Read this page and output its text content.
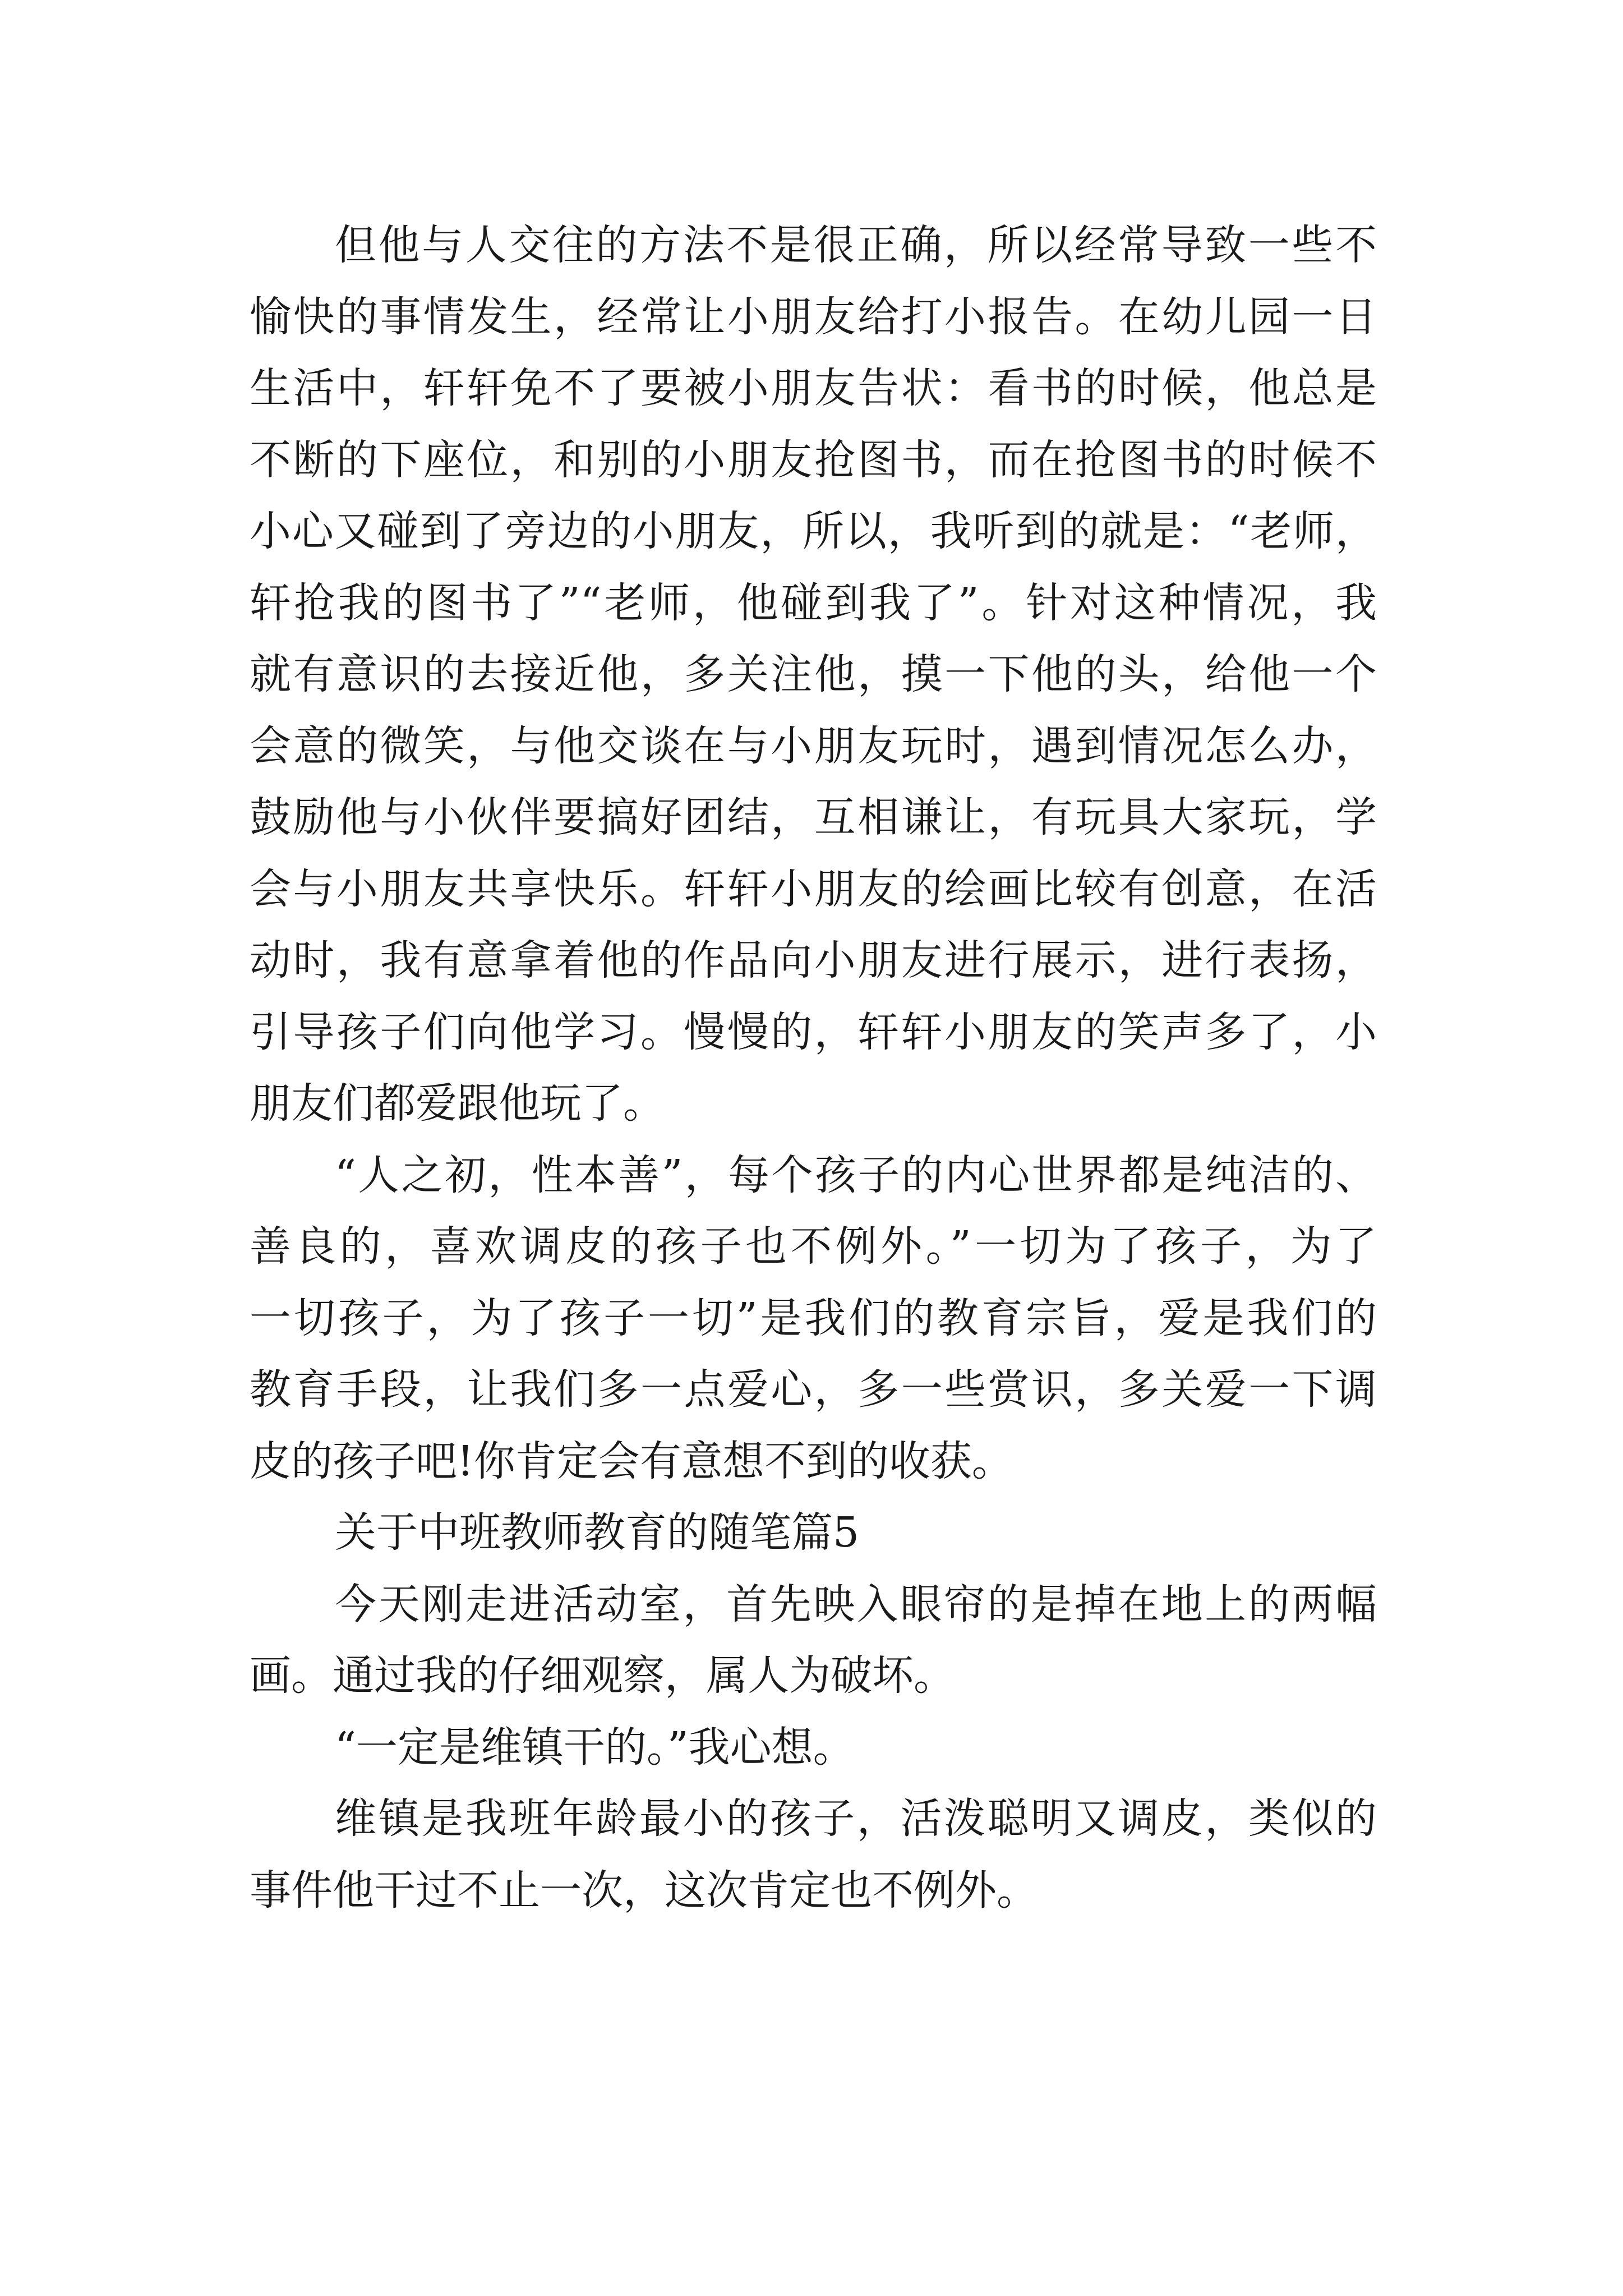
但他与人交往的方法不是很正确，所以经常导致一些不
愉快的事情发生，经常让小朋友给打小报告。在幼儿园一日
生活中，轩轩免不了要被小朋友告状：看书的时候，他总是
不断的下座位，和别的小朋友抢图书，而在抢图书的时候不
小心又碰到了旁边的小朋友，所以，我听到的就是：“老师，
轩抢我的图书了”“老师，他碰到我了”。针对这种情况，我
就有意识的去接近他，多关注他，摸一下他的头，给他一个
会意的微笑，与他交谈在与小朋友玩时，遇到情况怎么办，
鼓励他与小伙伴要搞好团结，互相谦让，有玩具大家玩，学
会与小朋友共享快乐。轩轩小朋友的绘画比较有创意，在活
动时，我有意拿着他的作品向小朋友进行展示，进行表扬，
引导孩子们向他学习。慢慢的，轩轩小朋友的笑声多了，小
朋友们都爱跟他玩了。
“人之初，性本善”，每个孩子的内心世界都是纯洁的、
善良的，喜欢调皮的孩子也不例外。”一切为了孩子，为了
一切孩子，为了孩子一切”是我们的教育宗旨，爱是我们的
教育手段，让我们多一点爱心，多一些赏识，多关爱一下调
皮的孩子吧!你肯定会有意想不到的收获。
关于中班教师教育的随笔篇5
今天刚走进活动室，首先映入眼帘的是掉在地上的两幅
画。通过我的仔细观察，属人为破坏。
“一定是维镇干的。”我心想。
维镇是我班年龄最小的孩子，活泼聪明又调皮，类似的
事件他干过不止一次，这次肯定也不例外。
